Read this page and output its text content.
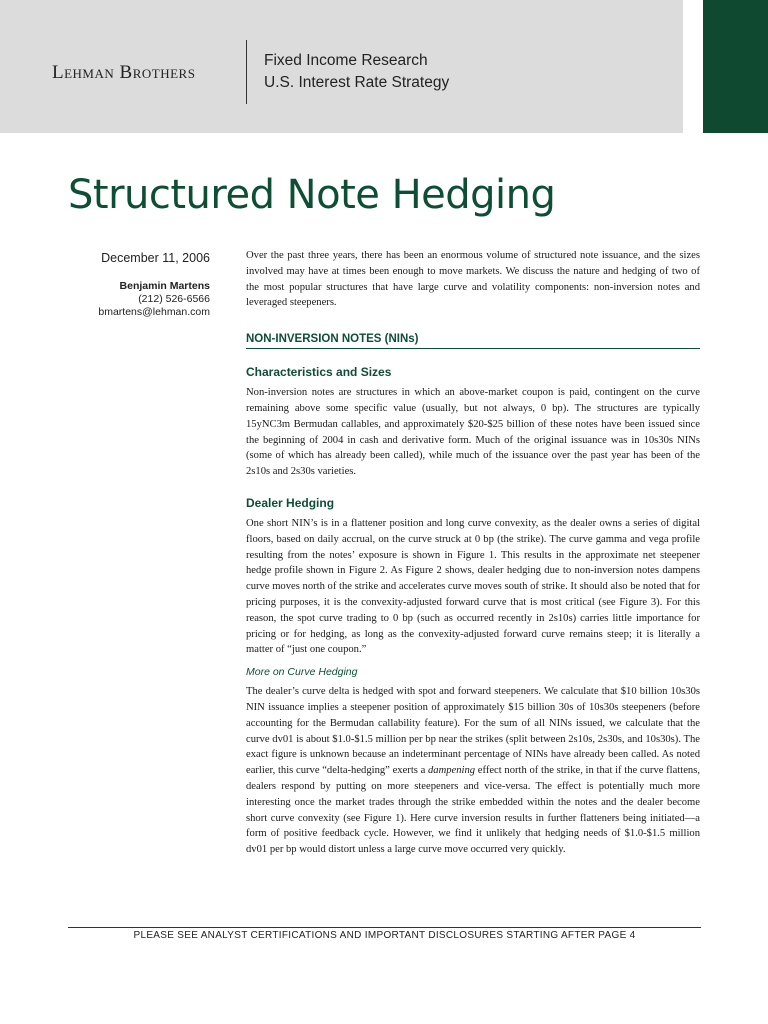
Lehman Brothers
Fixed Income Research
U.S. Interest Rate Strategy
Structured Note Hedging
December 11, 2006
Benjamin Martens
(212) 526-6566
bmartens@lehman.com

Over the past three years, there has been an enormous volume of structured note issuance, and the sizes involved may have at times been enough to move markets. We discuss the nature and hedging of two of the most popular structures that have large curve and volatility components: non-inversion notes and leveraged steepeners.

NON-INVERSION NOTES (NINs)
Characteristics and Sizes

Non-inversion notes are structures in which an above-market coupon is paid, contingent on the curve remaining above some specific value (usually, but not always, 0 bp). The structures are typically 15yNC3m Bermudan callables, and approximately $20-$25 billion of these notes have been issued since the beginning of 2004 in cash and derivative form. Much of the original issuance was in 10s30s NINs (some of which has already been called), while much of the issuance over the past year has been of the 2s10s and 2s30s varieties.

Dealer Hedging

One short NIN’s is in a flattener position and long curve convexity, as the dealer owns a series of digital floors, based on daily accrual, on the curve struck at 0 bp (the strike). The curve gamma and vega profile resulting from the notes’ exposure is shown in Figure 1. This results in the approximate net steepener hedge profile shown in Figure 2. As Figure 2 shows, dealer hedging due to non-inversion notes dampens curve moves north of the strike and accelerates curve moves south of strike. It should also be noted that for pricing purposes, it is the convexity-adjusted forward curve that is most critical (see Figure 3). For this reason, the spot curve trading to 0 bp (such as occurred recently in 2s10s) carries little importance for pricing or for hedging, as long as the convexity-adjusted forward curve remains steep; it is literally a matter of “just one coupon.”

More on Curve Hedging

The dealer’s curve delta is hedged with spot and forward steepeners. We calculate that $10 billion 10s30s NIN issuance implies a steepener position of approximately $15 billion 30s of 10s30s steepeners (before accounting for the Bermudan callability feature). For the sum of all NINs issued, we calculate that the curve dv01 is about $1.0-$1.5 million per bp near the strikes (split between 2s10s, 2s30s, and 10s30s). The exact figure is unknown because an indeterminant percentage of NINs have already been called. As noted earlier, this curve “delta-hedging” exerts a dampening effect north of the strike, in that if the curve flattens, dealers respond by putting on more steepeners and vice-versa. The effect is potentially much more interesting once the market trades through the strike embedded within the notes and the dealer become short curve convexity (see Figure 1). Here curve inversion results in further flatteners being initiated—a form of positive feedback cycle. However, we find it unlikely that hedging needs of $1.0-$1.5 million dv01 per bp would distort unless a large curve move occurred very quickly.

PLEASE SEE ANALYST CERTIFICATIONS AND IMPORTANT DISCLOSURES STARTING AFTER PAGE 4
